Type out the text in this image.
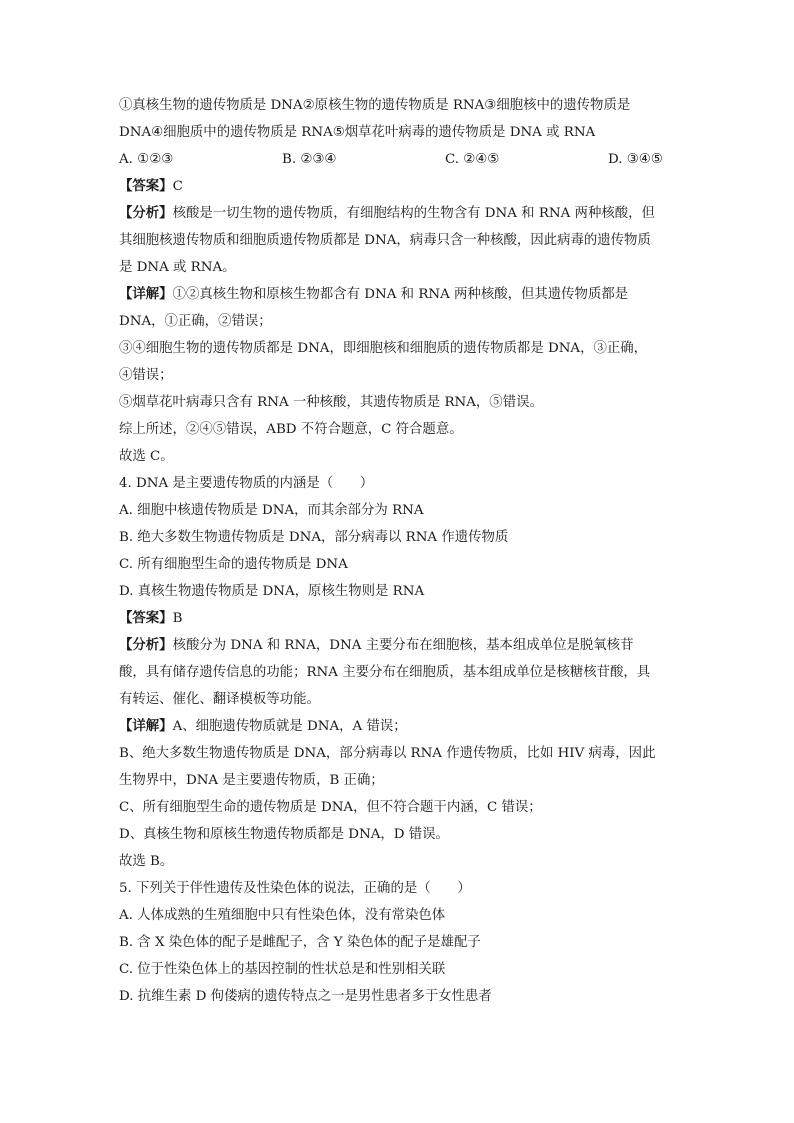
①真核生物的遗传物质是 DNA②原核生物的遗传物质是 RNA③细胞核中的遗传物质是
DNA④细胞质中的遗传物质是 RNA⑤烟草花叶病毒的遗传物质是 DNA 或 RNA
A. ①②③	B. ②③④	C. ②④⑤	D. ③④⑤
【答案】C
【分析】核酸是一切生物的遗传物质，有细胞结构的生物含有 DNA 和 RNA 两种核酸，但
其细胞核遗传物质和细胞质遗传物质都是 DNA，病毒只含一种核酸，因此病毒的遗传物质
是 DNA 或 RNA。
【详解】①②真核生物和原核生物都含有 DNA 和 RNA 两种核酸，但其遗传物质都是
DNA，①正确，②错误；
③④细胞生物的遗传物质都是 DNA，即细胞核和细胞质的遗传物质都是 DNA，③正确，
④错误；
⑤烟草花叶病毒只含有 RNA 一种核酸，其遗传物质是 RNA，⑤错误。
综上所述，②④⑤错误，ABD 不符合题意，C 符合题意。
故选 C。
4. DNA 是主要遗传物质的内涵是（　　）
A. 细胞中核遗传物质是 DNA，而其余部分为 RNA
B. 绝大多数生物遗传物质是 DNA，部分病毒以 RNA 作遗传物质
C. 所有细胞型生命的遗传物质是 DNA
D. 真核生物遗传物质是 DNA，原核生物则是 RNA
【答案】B
【分析】核酸分为 DNA 和 RNA，DNA 主要分布在细胞核，基本组成单位是脱氧核苷
酸，具有储存遗传信息的功能；RNA 主要分布在细胞质，基本组成单位是核糖核苷酸，具
有转运、催化、翻译模板等功能。
【详解】A、细胞遗传物质就是 DNA，A 错误；
B、绝大多数生物遗传物质是 DNA，部分病毒以 RNA 作遗传物质，比如 HIV 病毒，因此
生物界中，DNA 是主要遗传物质，B 正确；
C、所有细胞型生命的遗传物质是 DNA，但不符合题干内涵，C 错误；
D、真核生物和原核生物遗传物质都是 DNA，D 错误。
故选 B。
5. 下列关于伴性遗传及性染色体的说法，正确的是（　　）
A. 人体成熟的生殖细胞中只有性染色体，没有常染色体
B. 含 X 染色体的配子是雌配子，含 Y 染色体的配子是雄配子
C. 位于性染色体上的基因控制的性状总是和性别相关联
D. 抗维生素 D 佝偻病的遗传特点之一是男性患者多于女性患者
